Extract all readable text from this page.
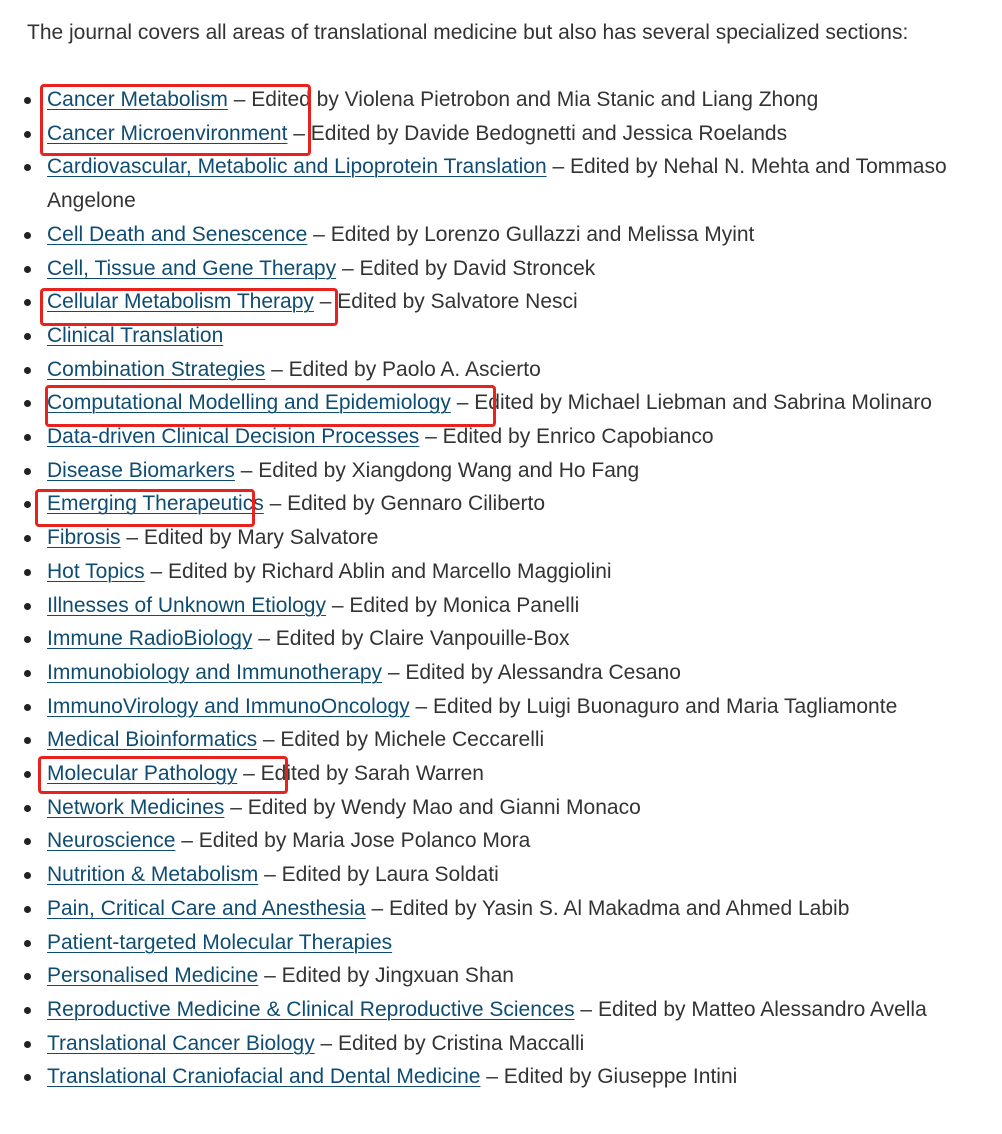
The journal covers all areas of translational medicine but also has several specialized sections:

Cancer Metabolism – Edited by Violena Pietrobon and Mia Stanic and Liang Zhong
Cancer Microenvironment – Edited by Davide Bedognetti and Jessica Roelands
Cardiovascular, Metabolic and Lipoprotein Translation – Edited by Nehal N. Mehta and Tommaso Angelone
Cell Death and Senescence – Edited by Lorenzo Gullazzi and Melissa Myint
Cell, Tissue and Gene Therapy – Edited by David Stroncek
Cellular Metabolism Therapy – Edited by Salvatore Nesci
Clinical Translation
Combination Strategies – Edited by Paolo A. Ascierto
Computational Modelling and Epidemiology – Edited by Michael Liebman and Sabrina Molinaro
Data-driven Clinical Decision Processes – Edited by Enrico Capobianco
Disease Biomarkers – Edited by Xiangdong Wang and Ho Fang
Emerging Therapeutics – Edited by Gennaro Ciliberto
Fibrosis – Edited by Mary Salvatore
Hot Topics – Edited by Richard Ablin and Marcello Maggiolini
Illnesses of Unknown Etiology – Edited by Monica Panelli
Immune RadioBiology – Edited by Claire Vanpouille-Box
Immunobiology and Immunotherapy – Edited by Alessandra Cesano
ImmunoVirology and ImmunoOncology – Edited by Luigi Buonaguro and Maria Tagliamonte
Medical Bioinformatics – Edited by Michele Ceccarelli
Molecular Pathology – Edited by Sarah Warren
Network Medicines – Edited by Wendy Mao and Gianni Monaco
Neuroscience – Edited by Maria Jose Polanco Mora
Nutrition & Metabolism – Edited by Laura Soldati
Pain, Critical Care and Anesthesia – Edited by Yasin S. Al Makadma and Ahmed Labib
Patient-targeted Molecular Therapies
Personalised Medicine – Edited by Jingxuan Shan
Reproductive Medicine & Clinical Reproductive Sciences – Edited by Matteo Alessandro Avella
Translational Cancer Biology – Edited by Cristina Maccalli
Translational Craniofacial and Dental Medicine – Edited by Giuseppe Intini
